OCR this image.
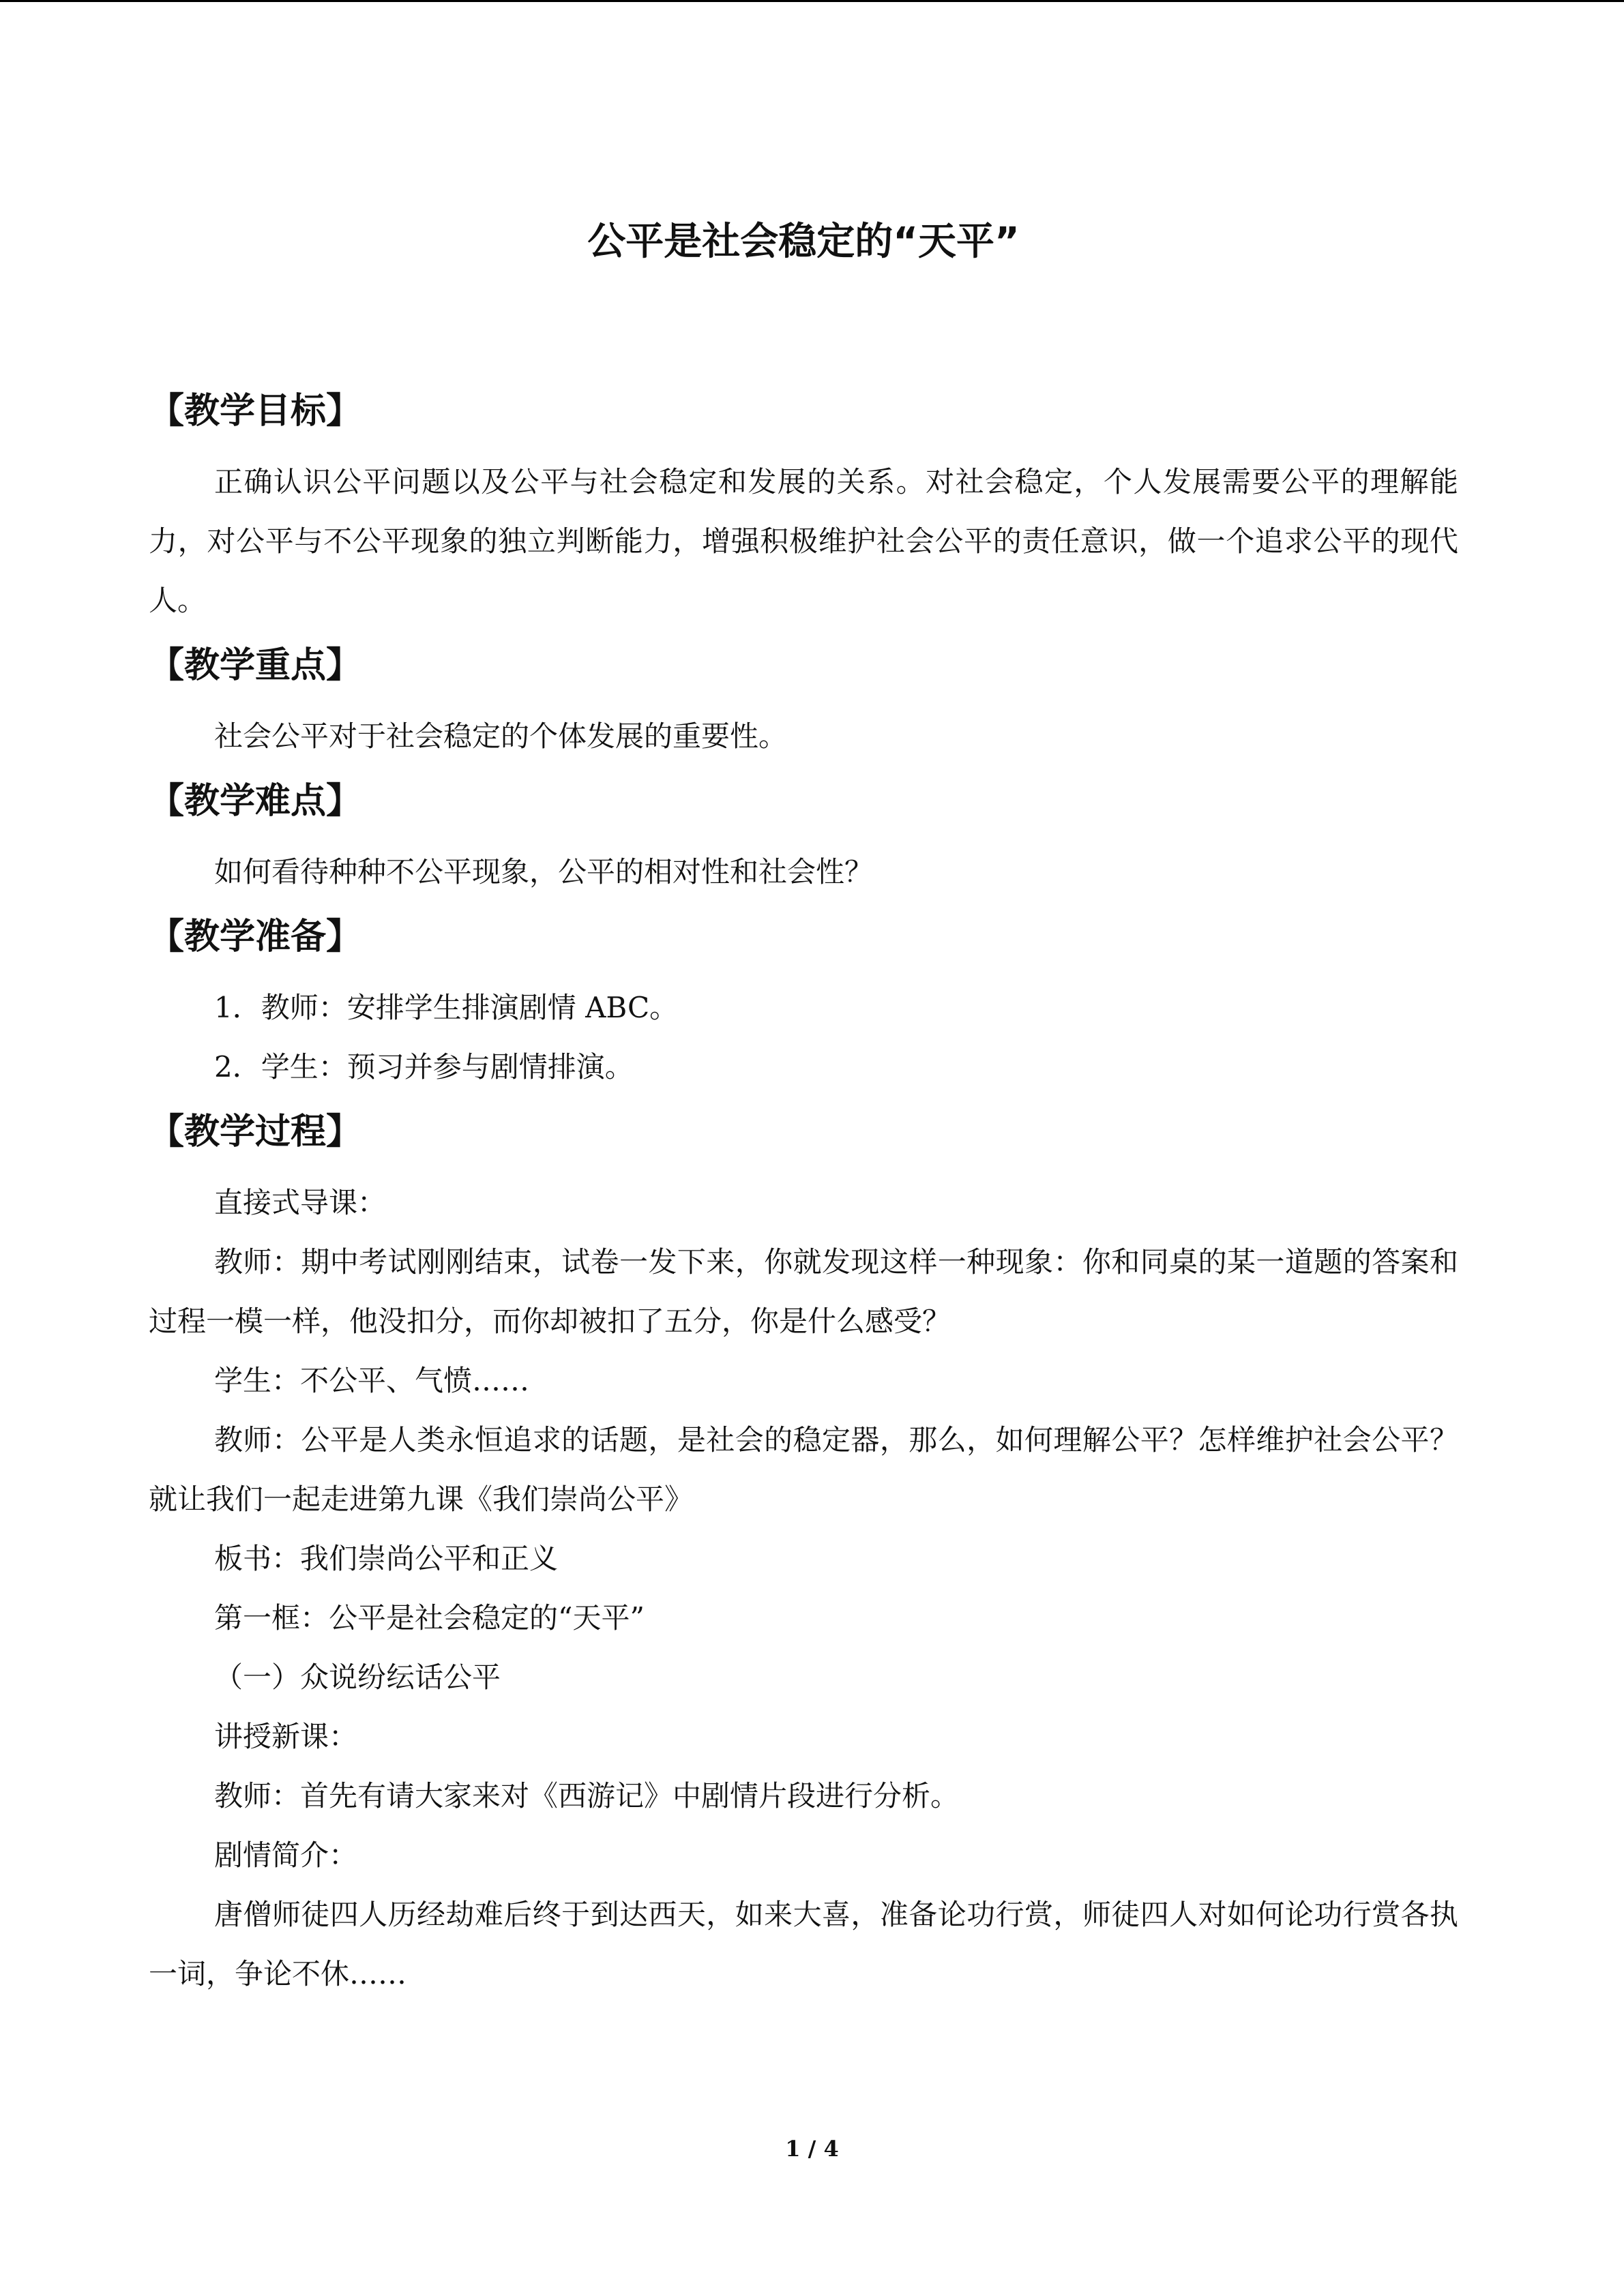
公平是社会稳定的“天平”
【教学目标】

正确认识公平问题以及公平与社会稳定和发展的关系。对社会稳定，个人发展需要公平的理解能力，对公平与不公平现象的独立判断能力，增强积极维护社会公平的责任意识，做一个追求公平的现代人。

【教学重点】

社会公平对于社会稳定的个体发展的重要性。

【教学难点】

如何看待种种不公平现象，公平的相对性和社会性？

【教学准备】

1．教师：安排学生排演剧情 ABC。

2．学生：预习并参与剧情排演。

【教学过程】

直接式导课：

教师：期中考试刚刚结束，试卷一发下来，你就发现这样一种现象：你和同桌的某一道题的答案和过程一模一样，他没扣分，而你却被扣了五分，你是什么感受？

学生：不公平、气愤……

教师：公平是人类永恒追求的话题，是社会的稳定器，那么，如何理解公平？怎样维护社会公平？就让我们一起走进第九课《我们崇尚公平》

板书：我们崇尚公平和正义

第一框：公平是社会稳定的“天平”

（一）众说纷纭话公平

讲授新课：

教师：首先有请大家来对《西游记》中剧情片段进行分析。

剧情简介：

唐僧师徒四人历经劫难后终于到达西天，如来大喜，准备论功行赏，师徒四人对如何论功行赏各执一词，争论不休……

1 / 4
